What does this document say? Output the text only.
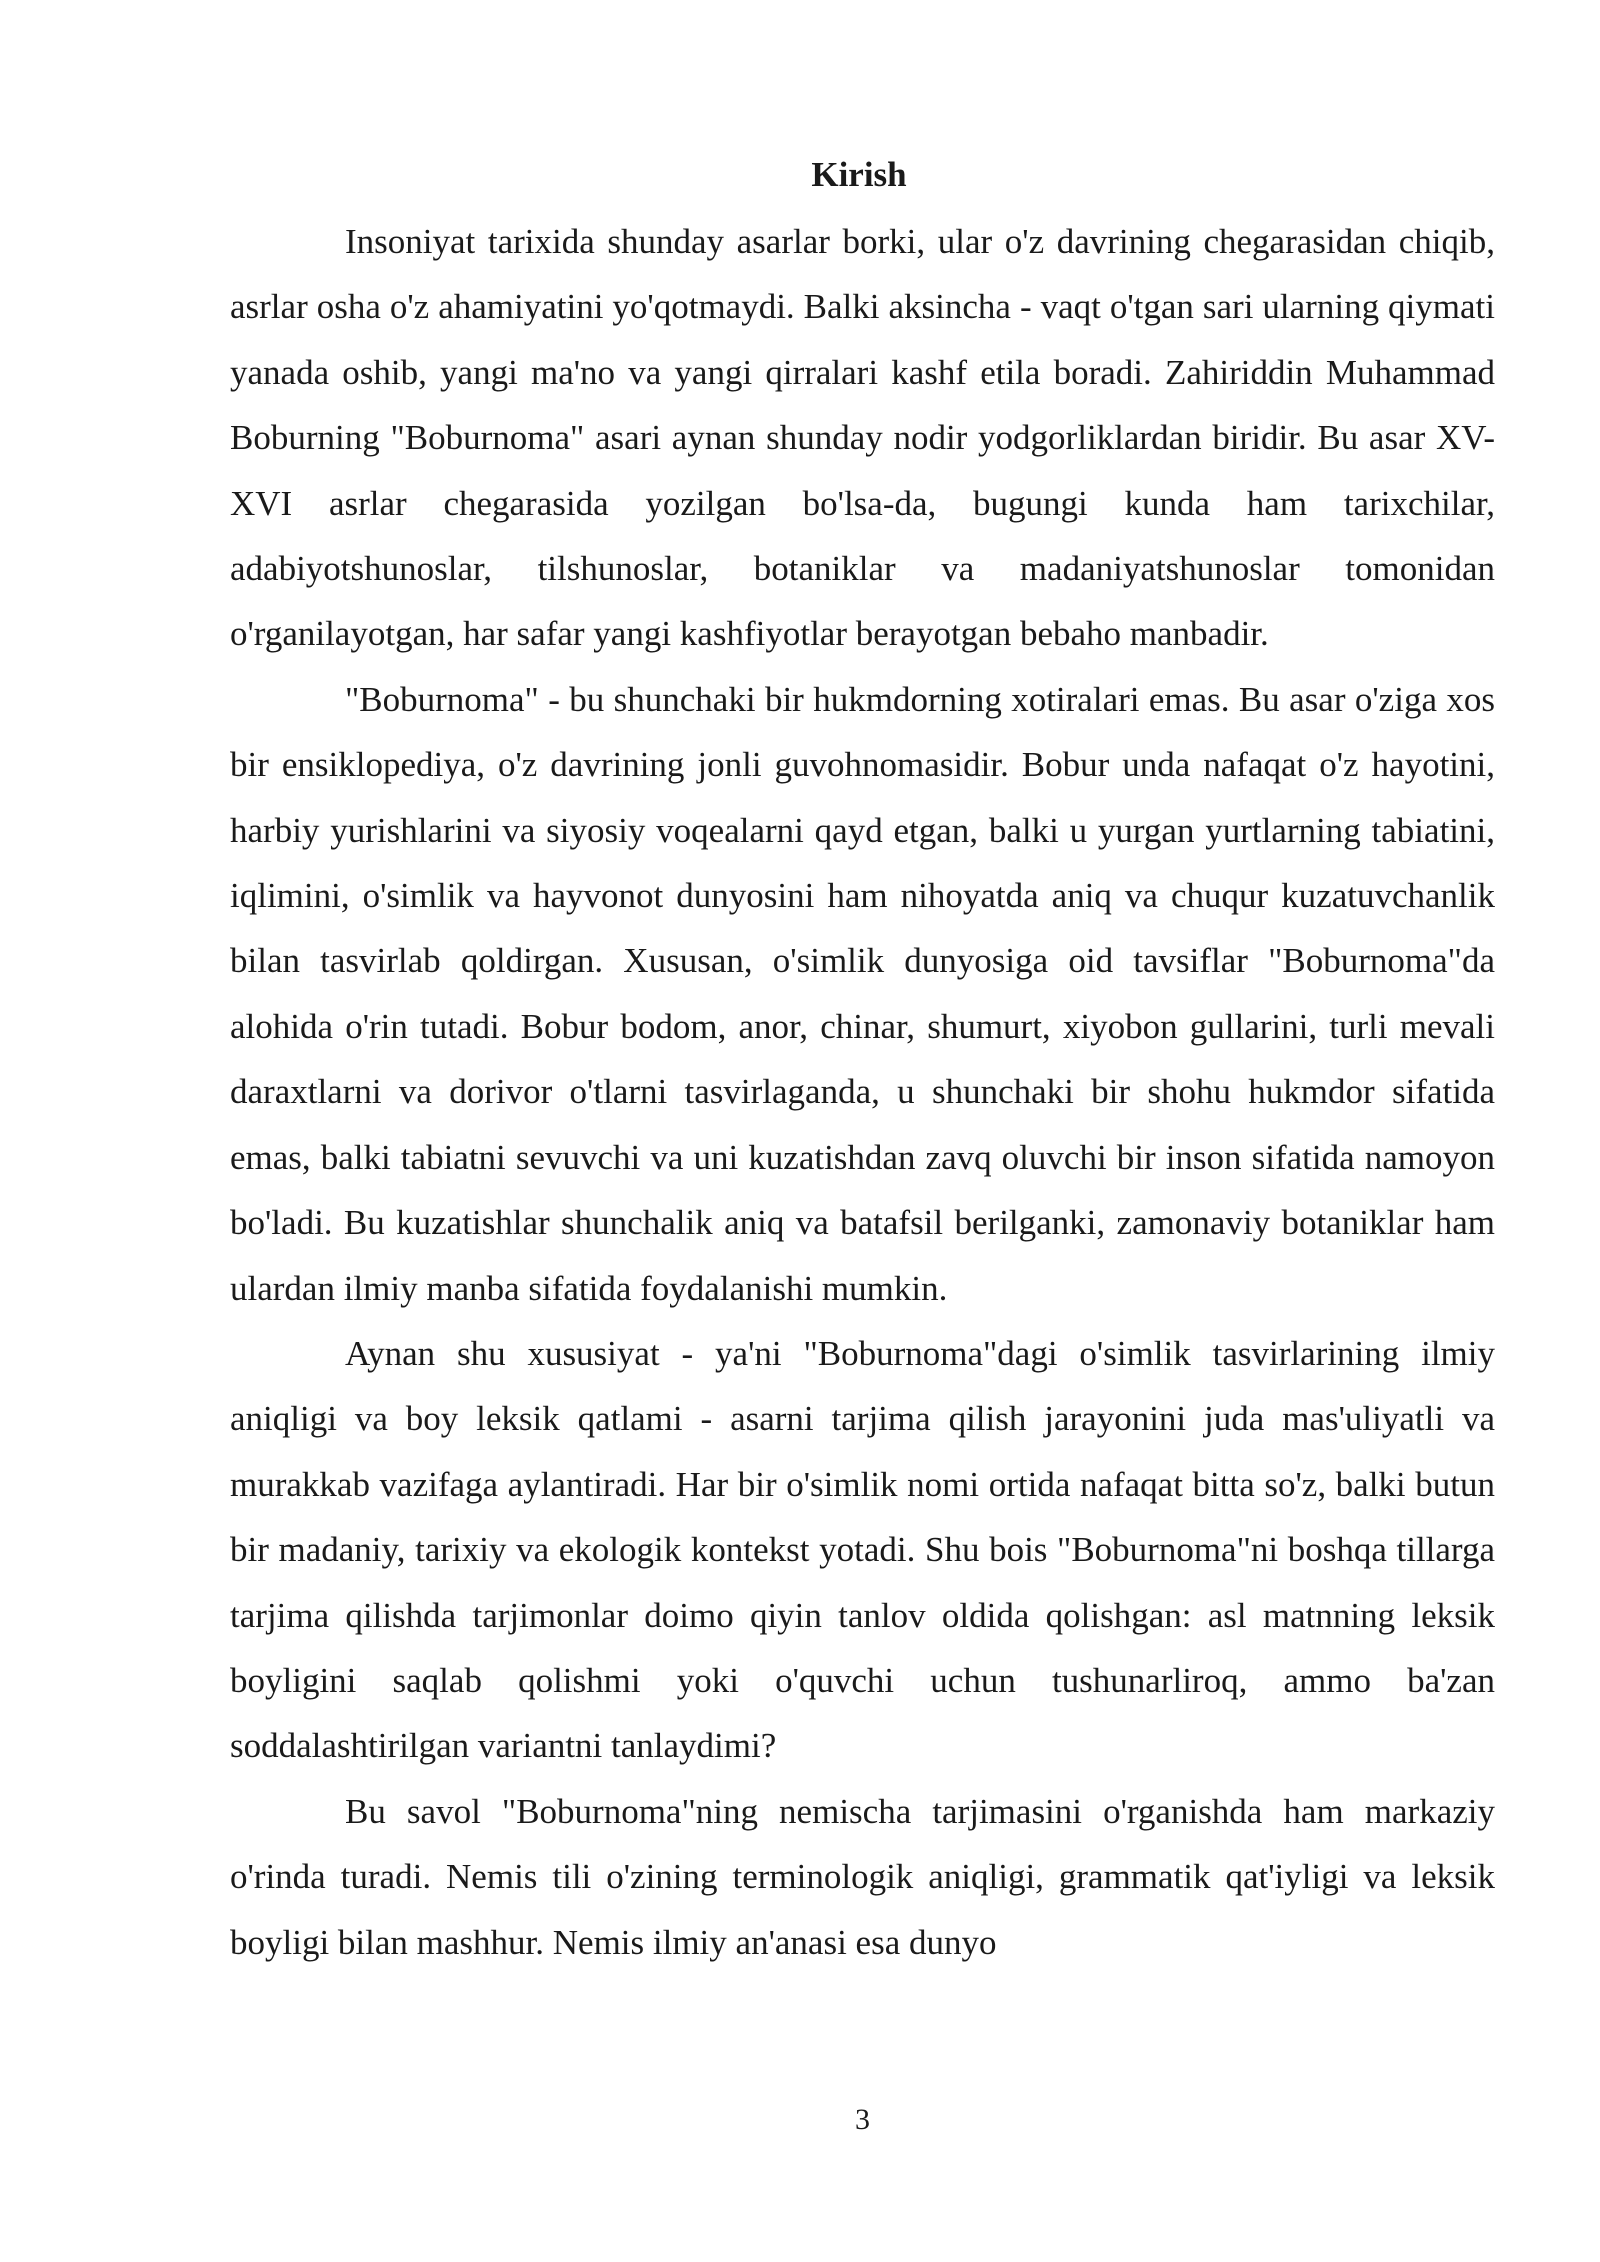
Kirish

Insoniyat tarixida shunday asarlar borki, ular o'z davrining chegarasidan chiqib, asrlar osha o'z ahamiyatini yo'qotmaydi. Balki aksincha - vaqt o'tgan sari ularning qiymati yanada oshib, yangi ma'no va yangi qirralari kashf etila boradi. Zahiriddin Muhammad Boburning "Boburnoma" asari aynan shunday nodir yodgorliklardan biridir. Bu asar XV-XVI asrlar chegarasida yozilgan bo'lsa-da, bugungi kunda ham tarixchilar, adabiyotshunoslar, tilshunoslar, botaniklar va madaniyatshunoslar tomonidan o'rganilayotgan, har safar yangi kashfiyotlar berayotgan bebaho manbadir.

"Boburnoma" - bu shunchaki bir hukmdorning xotiralari emas. Bu asar o'ziga xos bir ensiklopediya, o'z davrining jonli guvohnomasidir. Bobur unda nafaqat o'z hayotini, harbiy yurishlarini va siyosiy voqealarni qayd etgan, balki u yurgan yurtlarning tabiatini, iqlimini, o'simlik va hayvonot dunyosini ham nihoyatda aniq va chuqur kuzatuvchanlik bilan tasvirlab qoldirgan. Xususan, o'simlik dunyosiga oid tavsiflar "Boburnoma"da alohida o'rin tutadi. Bobur bodom, anor, chinar, shumurt, xiyobon gullarini, turli mevali daraxtlarni va dorivor o'tlarni tasvirlaganda, u shunchaki bir shohu hukmdor sifatida emas, balki tabiatni sevuvchi va uni kuzatishdan zavq oluvchi bir inson sifatida namoyon bo'ladi. Bu kuzatishlar shunchalik aniq va batafsil berilganki, zamonaviy botaniklar ham ulardan ilmiy manba sifatida foydalanishi mumkin.

Aynan shu xususiyat - ya'ni "Boburnoma"dagi o'simlik tasvirlarining ilmiy aniqligi va boy leksik qatlami - asarni tarjima qilish jarayonini juda mas'uliyatli va murakkab vazifaga aylantiradi. Har bir o'simlik nomi ortida nafaqat bitta so'z, balki butun bir madaniy, tarixiy va ekologik kontekst yotadi. Shu bois "Boburnoma"ni boshqa tillarga tarjima qilishda tarjimonlar doimo qiyin tanlov oldida qolishgan: asl matnning leksik boyligini saqlab qolishmi yoki o'quvchi uchun tushunarliroq, ammo ba'zan soddalashtirilgan variantni tanlaydimi?

Bu savol "Boburnoma"ning nemischa tarjimasini o'rganishda ham markaziy o'rinda turadi. Nemis tili o'zining terminologik aniqligi, grammatik qat'iyligi va leksik boyligi bilan mashhur. Nemis ilmiy an'anasi esa dunyo

3
